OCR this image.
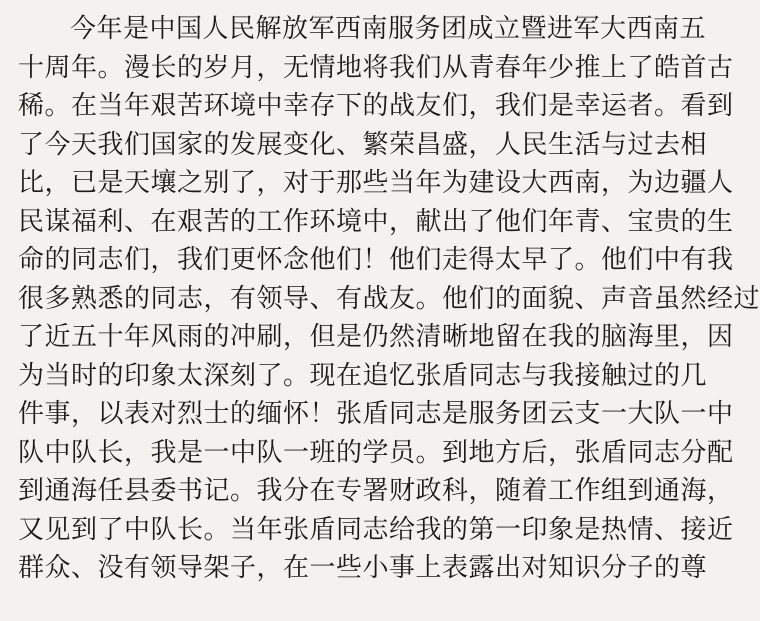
今年是中国人民解放军西南服务团成立暨进军大西南五
十周年。漫长的岁月，无情地将我们从青春年少推上了皓首古
稀。在当年艰苦环境中幸存下的战友们，我们是幸运者。看到
了今天我们国家的发展变化、繁荣昌盛，人民生活与过去相
比，已是天壤之别了，对于那些当年为建设大西南，为边疆人
民谋福利、在艰苦的工作环境中，献出了他们年青、宝贵的生
命的同志们，我们更怀念他们！他们走得太早了。他们中有我
很多熟悉的同志，有领导、有战友。他们的面貌、声音虽然经过
了近五十年风雨的冲刷，但是仍然清晰地留在我的脑海里，因
为当时的印象太深刻了。现在追忆张盾同志与我接触过的几
件事，以表对烈士的缅怀！张盾同志是服务团云支一大队一中
队中队长，我是一中队一班的学员。到地方后，张盾同志分配
到通海任县委书记。我分在专署财政科，随着工作组到通海，
又见到了中队长。当年张盾同志给我的第一印象是热情、接近
群众、没有领导架子，在一些小事上表露出对知识分子的尊
